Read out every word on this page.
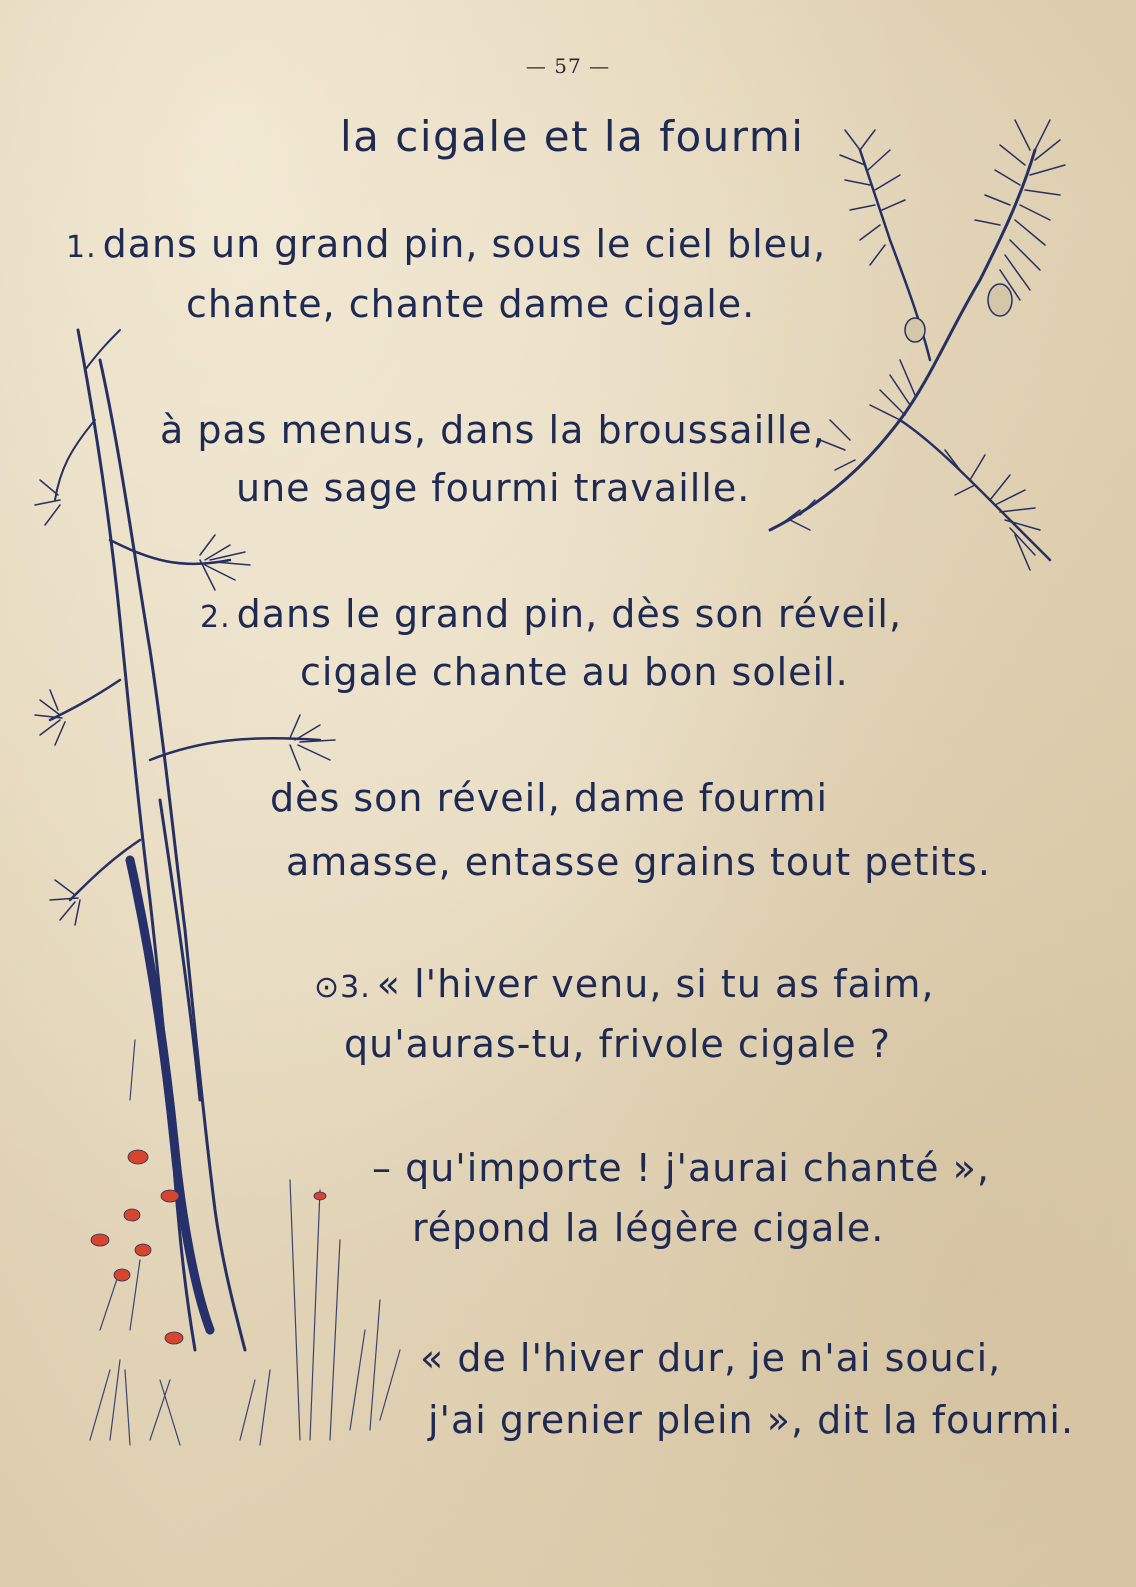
— 57 —
la cigale et la fourmi
1. dans un grand pin, sous le ciel bleu,
chante, chante dame cigale.
à pas menus, dans la broussaille,
une sage fourmi travaille.
2. dans le grand pin, dès son réveil,
cigale chante au bon soleil.
dès son réveil, dame fourmi
amasse, entasse grains tout petits.
⊙3. « l'hiver venu, si tu as faim,
qu'auras-tu, frivole cigale ?
– qu'importe ! j'aurai chanté »,
répond la légère cigale.
« de l'hiver dur, je n'ai souci,
j'ai grenier plein », dit la fourmi.
